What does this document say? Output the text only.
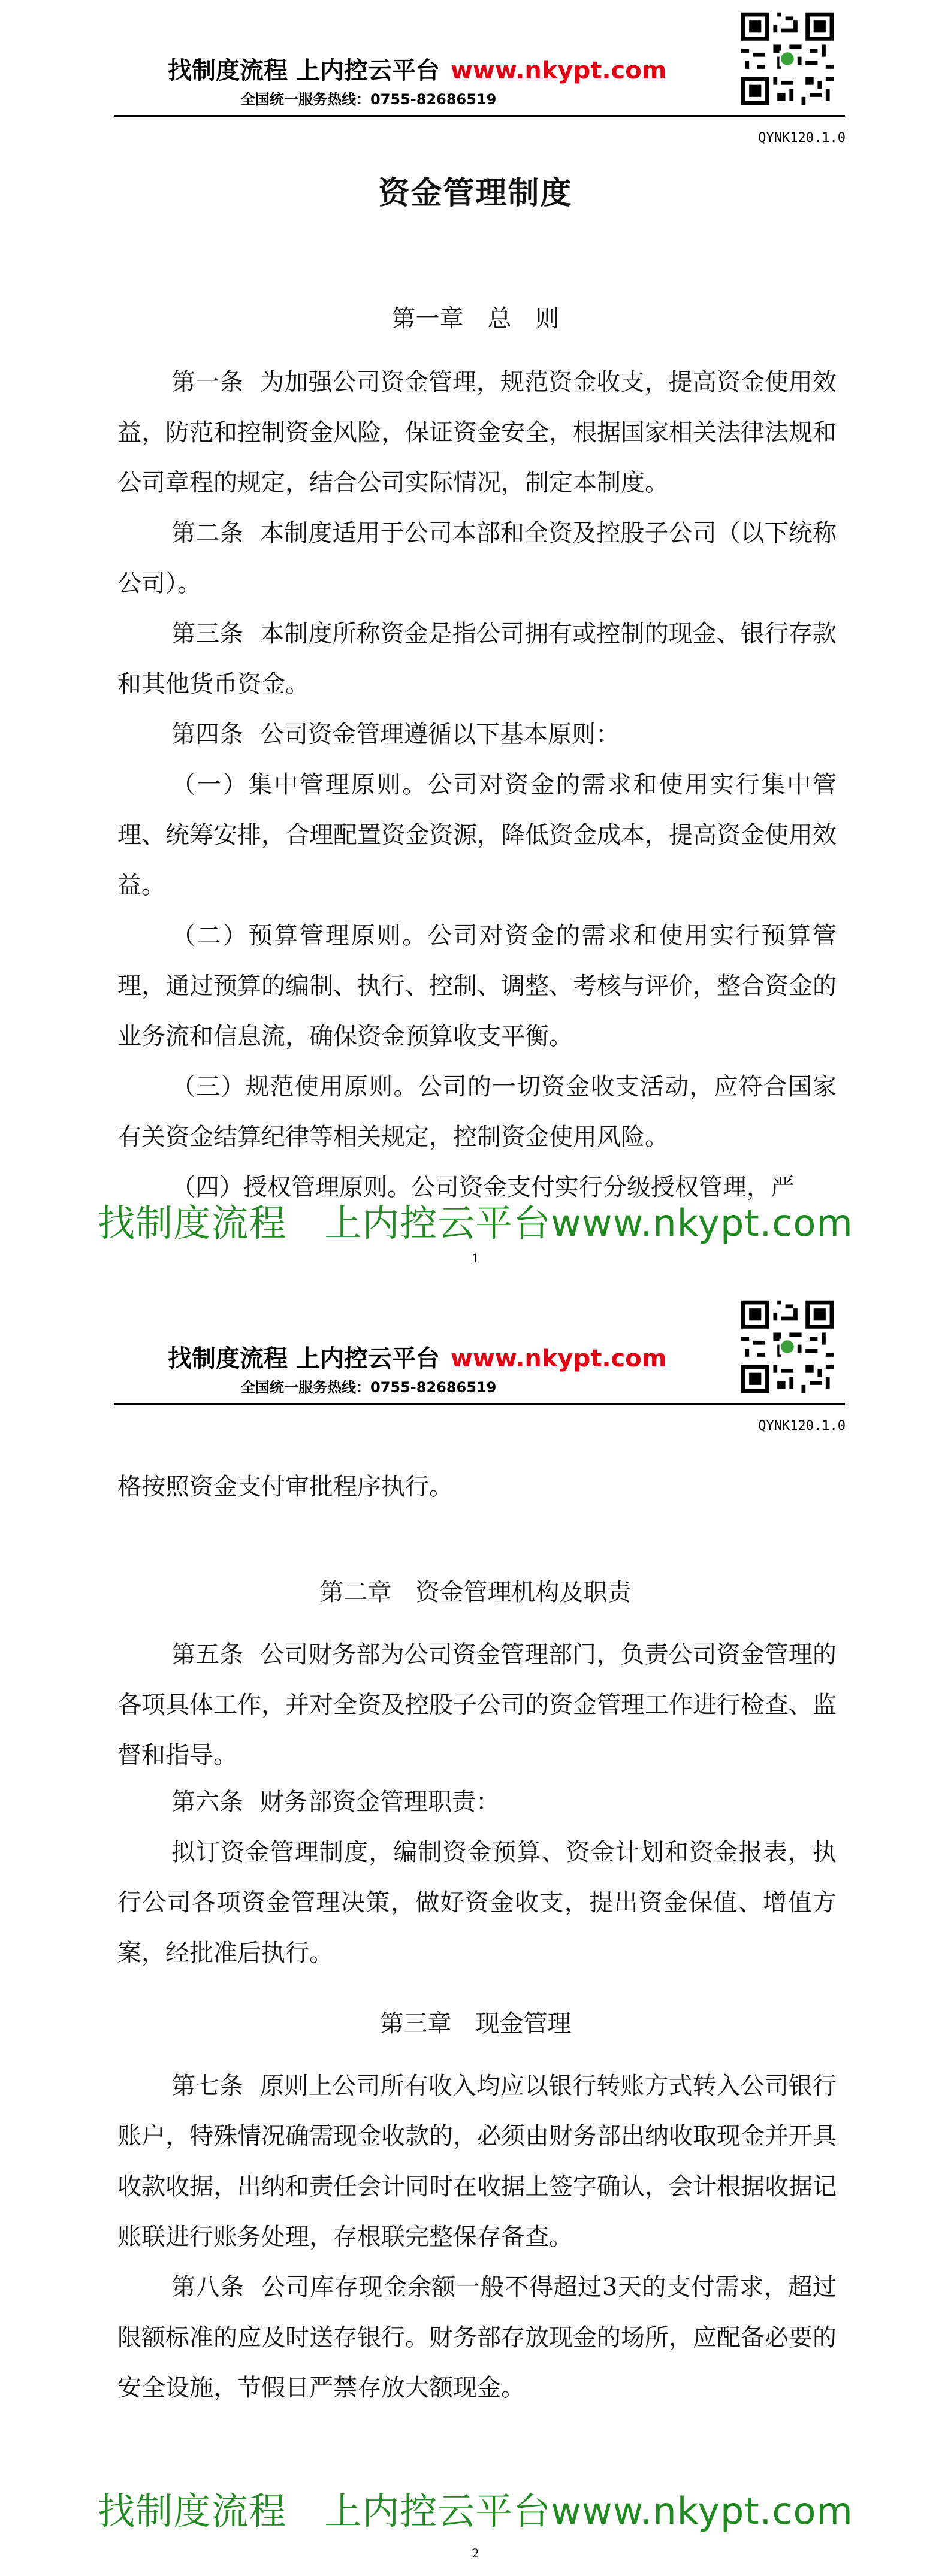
找制度流程 上内控云平台 www.nkypt.com
全国统一服务热线：0755-82686519
QYNK120.1.0
资金管理制度
第一章　总　则

第一条 为加强公司资金管理，规范资金收支，提高资金使用效益，防范和控制资金风险，保证资金安全，根据国家相关法律法规和公司章程的规定，结合公司实际情况，制定本制度。

第二条 本制度适用于公司本部和全资及控股子公司（以下统称公司）。

第三条 本制度所称资金是指公司拥有或控制的现金、银行存款和其他货币资金。

第四条 公司资金管理遵循以下基本原则：

（一）集中管理原则。公司对资金的需求和使用实行集中管理、统筹安排，合理配置资金资源，降低资金成本，提高资金使用效益。

（二）预算管理原则。公司对资金的需求和使用实行预算管理，通过预算的编制、执行、控制、调整、考核与评价，整合资金的业务流和信息流，确保资金预算收支平衡。

（三）规范使用原则。公司的一切资金收支活动，应符合国家有关资金结算纪律等相关规定，控制资金使用风险。

（四）授权管理原则。公司资金支付实行分级授权管理，严

找制度流程　上内控云平台www.nkypt.com
1
找制度流程 上内控云平台 www.nkypt.com
全国统一服务热线：0755-82686519
QYNK120.1.0

格按照资金支付审批程序执行。

第二章　资金管理机构及职责

第五条 公司财务部为公司资金管理部门，负责公司资金管理的各项具体工作，并对全资及控股子公司的资金管理工作进行检查、监督和指导。

第六条 财务部资金管理职责：

拟订资金管理制度，编制资金预算、资金计划和资金报表，执行公司各项资金管理决策，做好资金收支，提出资金保值、增值方案，经批准后执行。

第三章　现金管理

第七条 原则上公司所有收入均应以银行转账方式转入公司银行账户，特殊情况确需现金收款的，必须由财务部出纳收取现金并开具收款收据，出纳和责任会计同时在收据上签字确认，会计根据收据记账联进行账务处理，存根联完整保存备查。

第八条 公司库存现金余额一般不得超过3天的支付需求，超过限额标准的应及时送存银行。财务部存放现金的场所，应配备必要的安全设施，节假日严禁存放大额现金。

找制度流程　上内控云平台www.nkypt.com
2
